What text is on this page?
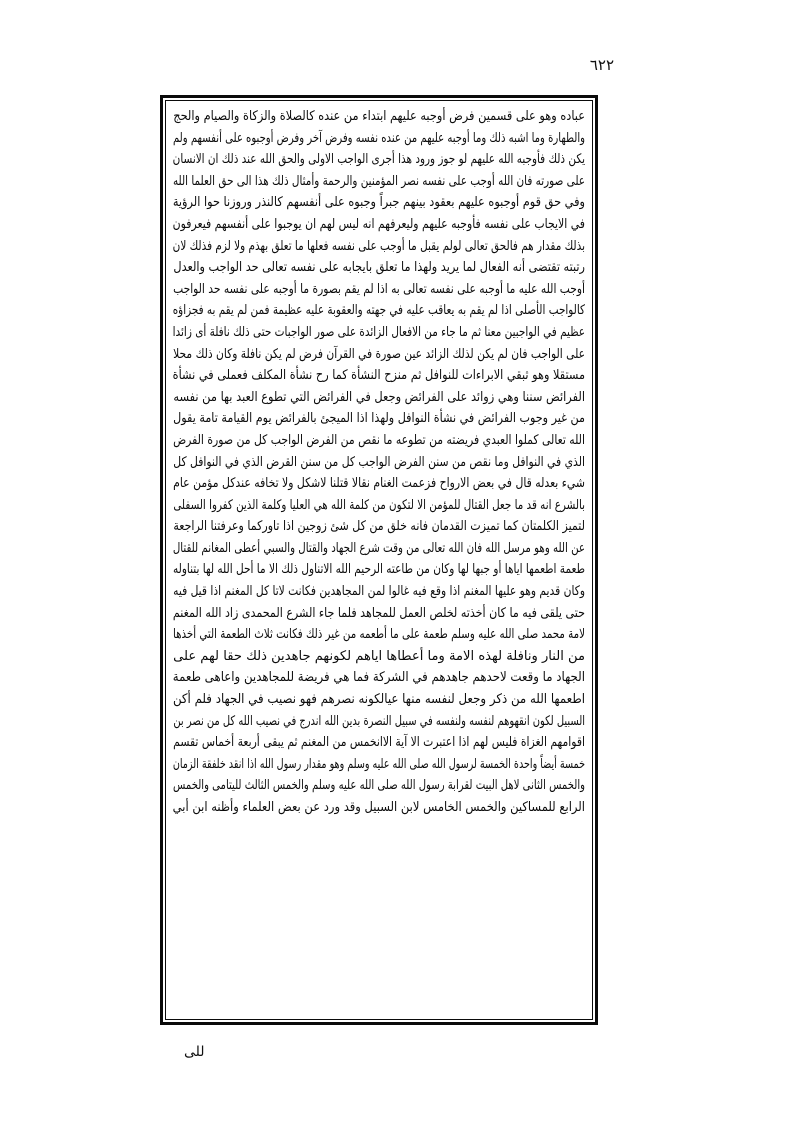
٦٢٢
عباده وهو على قسمين فرض أوجبه عليهم ابتداء من عنده كالصلاة والزكاة والصيام والحج
والطهارة وما اشبه ذلك وما أوجبه عليهم من عنده نفسه وفرض آخر وفرض أوجبوه على أنفسهم ولم
يكن ذلك فأوجبه الله عليهم لو جوز ورود هذا أجرى الواجب الاولى والحق الله عند ذلك ان الانسان
على صورته فان الله أوجب على نفسه نصر المؤمنين والرحمة وأمثال ذلك هذا الى حق العلما الله
وفي حق قوم أوجبوه عليهم بعقود بينهم جبراً وجبوه على أنفسهم كالنذر وروزنا حوا الرؤية
في الايجاب على نفسه فأوجبه عليهم وليعرفهم انه ليس لهم ان يوجبوا على أنفسهم فيعرفون
بذلك مقدار هم فالحق تعالى لولم يقبل ما أوجب على نفسه فعلها ما تعلق بهذم ولا لزم فذلك لان
رتبته تقتضى أنه الفعال لما يريد ولهذا ما تعلق بايجابه على نفسه تعالى حد الواجب والعدل
أوجب الله عليه ما أوجبه على نفسه تعالى به اذا لم يقم بصورة ما أوجبه على نفسه حد الواجب
كالواجب الأصلى اذا لم يقم به يعاقب عليه في جهته والعقوبة عليه عظيمة فمن لم يقم به فجزاؤه
عظيم في الواجبين معنا ثم ما جاء من الافعال الزائدة على صور الواجبات حتى ذلك نافلة أى زائدا
على الواجب فان لم يكن لذلك الزائد عين صورة في القرآن فرض لم يكن نافلة وكان ذلك محلا
مستقلا وهو ثبقي الابراءات للنوافل ثم منزح النشأة كما رح نشأة المكلف فعملى في نشأة
الفرائض سننا وهي زوائد على الفرائض وجعل في الفرائض التي تطوع العبد بها من نفسه
من غير وجوب الفرائض في نشأة النوافل ولهذا اذا الميجئ بالفرائض يوم القيامة تامة يقول
الله تعالى كملوا العبدي فريضته من تطوعه ما نقص من الفرض الواجب كل من صورة الفرض
الذي في النوافل وما نقص من سنن الفرض الواجب كل من سنن القرض الذي في النوافل كل
شيء بعدله قال في بعض الارواح فزعمت الغنام نقالا قتلنا لاشكل ولا تخافه عندكل مؤمن عام
بالشرع انه قد ما جعل القتال للمؤمن الا لتكون من كلمة الله هي العليا وكلمة الذين كفروا السفلى
لتميز الكلمتان كما تميزت القدمان فانه خلق من كل شئ زوجين اذا تاوركما وعرفتنا الراجعة
عن الله وهو مرسل الله فان الله تعالى من وقت شرع الجهاد والقتال والسبي أعطى المغانم للقتال
طعمة اطعمها اياها أو جبها لها وكان من طاعته الرحيم الله الاتناول ذلك الا ما أحل الله لها بتناوله
وكان قديم وهو عليها المغنم اذا وقع فيه غالوا لمن المجاهدين فكانت لاتا كل المغنم اذا قيل فيه
حتى يلقى فيه ما كان أخذته لخلص العمل للمجاهد فلما جاء الشرع المحمدى زاد الله المغنم
لامة محمد صلى الله عليه وسلم طعمة على ما أطعمه من غير ذلك فكانت ثلاث الطعمة التي أخذها
من النار ونافلة لهذه الامة وما أعطاها اياهم لكونهم جاهدين ذلك حقا لهم على
الجهاد ما وقعت لاحدهم جاهدهم في الشركة فما هي فريضة للمجاهدين واعاهى طعمة
اطعمها الله من ذكر وجعل لنفسه منها عيالكونه نصرهم فهو نصيب في الجهاد فلم أكن
السبيل لكون انقهوهم لنفسه ولنفسه في سبيل النصرة بدين الله اندرج في نصيب الله كل من نصر بن
اقوامهم الغزاة فليس لهم اذا اعتبرت الا آية الاانخمس من المغنم ثم يبقى أربعة أخماس تقسم
خمسة أيضاً واحدة الخمسة لرسول الله صلى الله عليه وسلم وهو مقدار رسول الله اذا انقد خلفقة الزمان
والخمس الثانى لاهل البيت لقرابة رسول الله صلى الله عليه وسلم والخمس الثالث لليتامى والخمس
الرابع للمساكين والخمس الخامس لابن السبيل وقد ورد عن بعض العلماء وأظنه ابن أبي
للى
